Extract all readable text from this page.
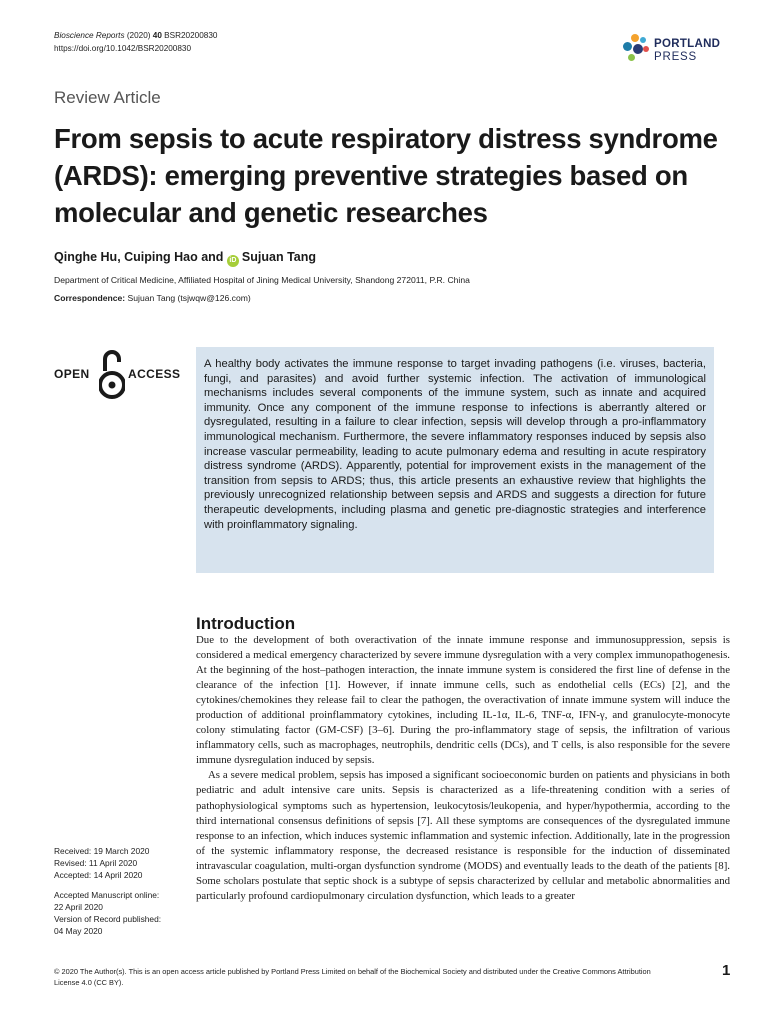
Bioscience Reports (2020) 40 BSR20200830
https://doi.org/10.1042/BSR20200830	PORTLAND
PRESS
Review Article
From sepsis to acute respiratory distress syndrome (ARDS): emerging preventive strategies based on molecular and genetic researches
Qinghe Hu, Cuiping Hao and iD Sujuan Tang
Department of Critical Medicine, Affiliated Hospital of Jining Medical University, Shandong 272011, P.R. China
Correspondence: Sujuan Tang (tsjwqw@126.com)
OPEN	ACCESS

A healthy body activates the immune response to target invading pathogens (i.e. viruses, bacteria, fungi, and parasites) and avoid further systemic infection. The activation of immunological mechanisms includes several components of the immune system, such as innate and acquired immunity. Once any component of the immune response to infections is aberrantly altered or dysregulated, resulting in a failure to clear infection, sepsis will develop through a pro-inflammatory immunological mechanism. Furthermore, the severe inflammatory responses induced by sepsis also increase vascular permeability, leading to acute pulmonary edema and resulting in acute respiratory distress syndrome (ARDS). Apparently, potential for improvement exists in the management of the transition from sepsis to ARDS; thus, this article presents an exhaustive review that highlights the previously unrecognized relationship between sepsis and ARDS and suggests a direction for future therapeutic developments, including plasma and genetic pre-diagnostic strategies and interference with proinflammatory signaling.

Introduction

Due to the development of both overactivation of the innate immune response and immunosuppression, sepsis is considered a medical emergency characterized by severe immune dysregulation with a very complex immunopathogenesis. At the beginning of the host–pathogen interaction, the innate immune system is considered the first line of defense in the clearance of the infection [1]. However, if innate immune cells, such as endothelial cells (ECs) [2], and the cytokines/chemokines they release fail to clear the pathogen, the overactivation of innate immune system will induce the production of additional proinflammatory cytokines, including IL-1α, IL-6, TNF-α, IFN-γ, and granulocyte-monocyte colony stimulating factor (GM-CSF) [3–6]. During the pro-inflammatory stage of sepsis, the infiltration of various inflammatory cells, such as macrophages, neutrophils, dendritic cells (DCs), and T cells, is also responsible for the severe immune dysregulation induced by sepsis.

As a severe medical problem, sepsis has imposed a significant socioeconomic burden on patients and physicians in both pediatric and adult intensive care units. Sepsis is characterized as a life-threatening condition with a series of pathophysiological symptoms such as hypertension, leukocytosis/leukopenia, and hyper/hypothermia, according to the third international consensus definitions of sepsis [7]. All these symptoms are consequences of the dysregulated immune response to an infection, which induces systemic inflammation and systemic infection. Additionally, late in the progression of the systemic inflammatory response, the decreased resistance is responsible for the induction of disseminated intravascular coagulation, multi-organ dysfunction syndrome (MODS) and eventually leads to the death of the patients [8]. Some scholars postulate that septic shock is a subtype of sepsis characterized by cellular and metabolic abnormalities and particularly profound cardiopulmonary circulation dysfunction, which leads to a greater

Received: 19 March 2020
Revised: 11 April 2020
Accepted: 14 April 2020
Accepted Manuscript online:
22 April 2020
Version of Record published:
04 May 2020
© 2020 The Author(s). This is an open access article published by Portland Press Limited on behalf of the Biochemical Society and distributed under the Creative Commons Attribution
License 4.0 (CC BY).
1
